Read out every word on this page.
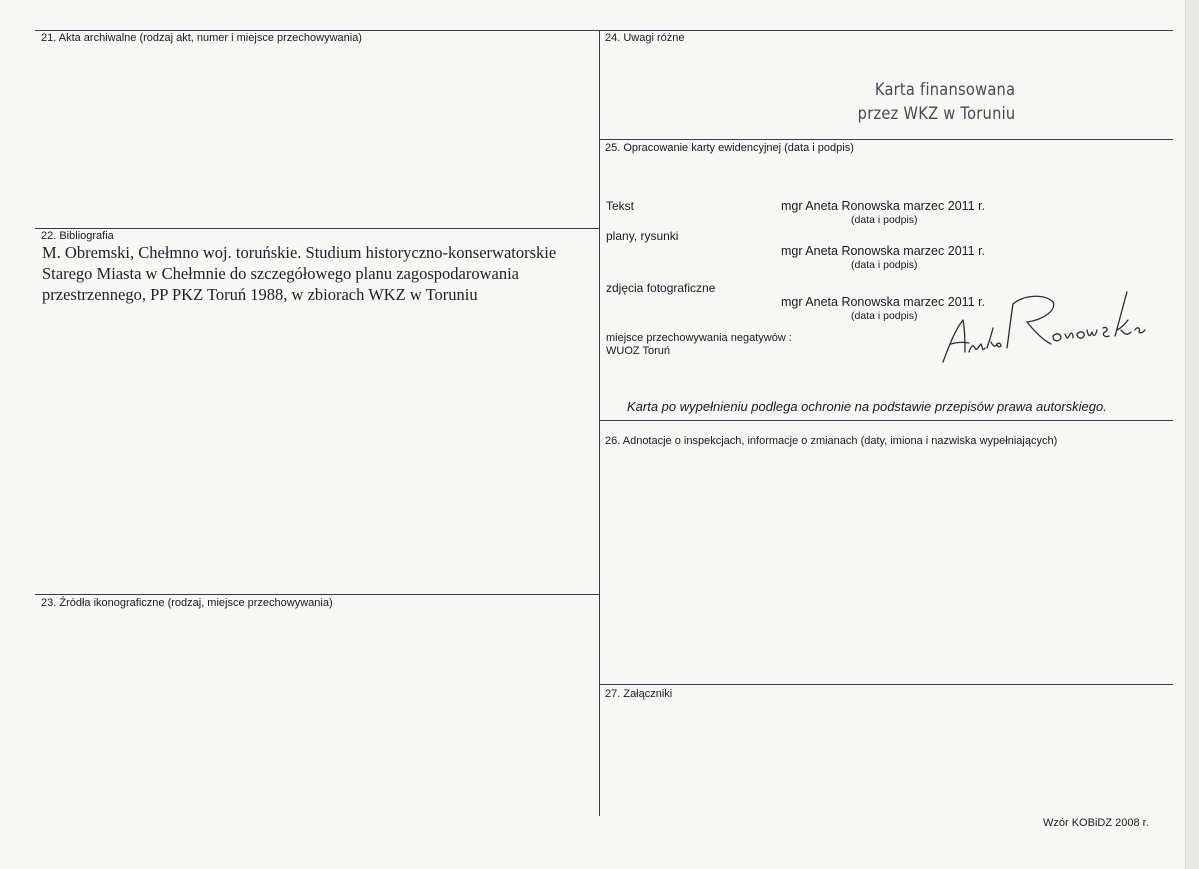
21. Akta archiwalne (rodzaj akt, numer i miejsce przechowywania)
22. Bibliografia
M. Obremski, Chełmno woj. toruńskie. Studium historyczno-konserwatorskie
Starego Miasta w Chełmnie do szczegółowego planu zagospodarowania
przestrzennego, PP PKZ Toruń 1988, w zbiorach WKZ w Toruniu
23. Źródła ikonograficzne (rodzaj, miejsce przechowywania)
24. Uwagi różne
Karta finansowana
przez WKZ w Toruniu
25. Opracowanie karty ewidencyjnej (data i podpis)
Tekst	mgr Aneta Ronowska marzec 2011 r.
(data i podpis)
plany, rysunki
mgr Aneta Ronowska marzec 2011 r.
(data i podpis)
zdjęcia fotograficzne
mgr Aneta Ronowska marzec 2011 r.
(data i podpis)
miejsce przechowywania negatywów :
WUOZ Toruń
Karta po wypełnieniu podlega ochronie na podstawie przepisów prawa autorskiego.
26. Adnotacje o inspekcjach, informacje o zmianach (daty, imiona i nazwiska wypełniających)
27. Załączniki
Wzór KOBiDZ 2008 r.
